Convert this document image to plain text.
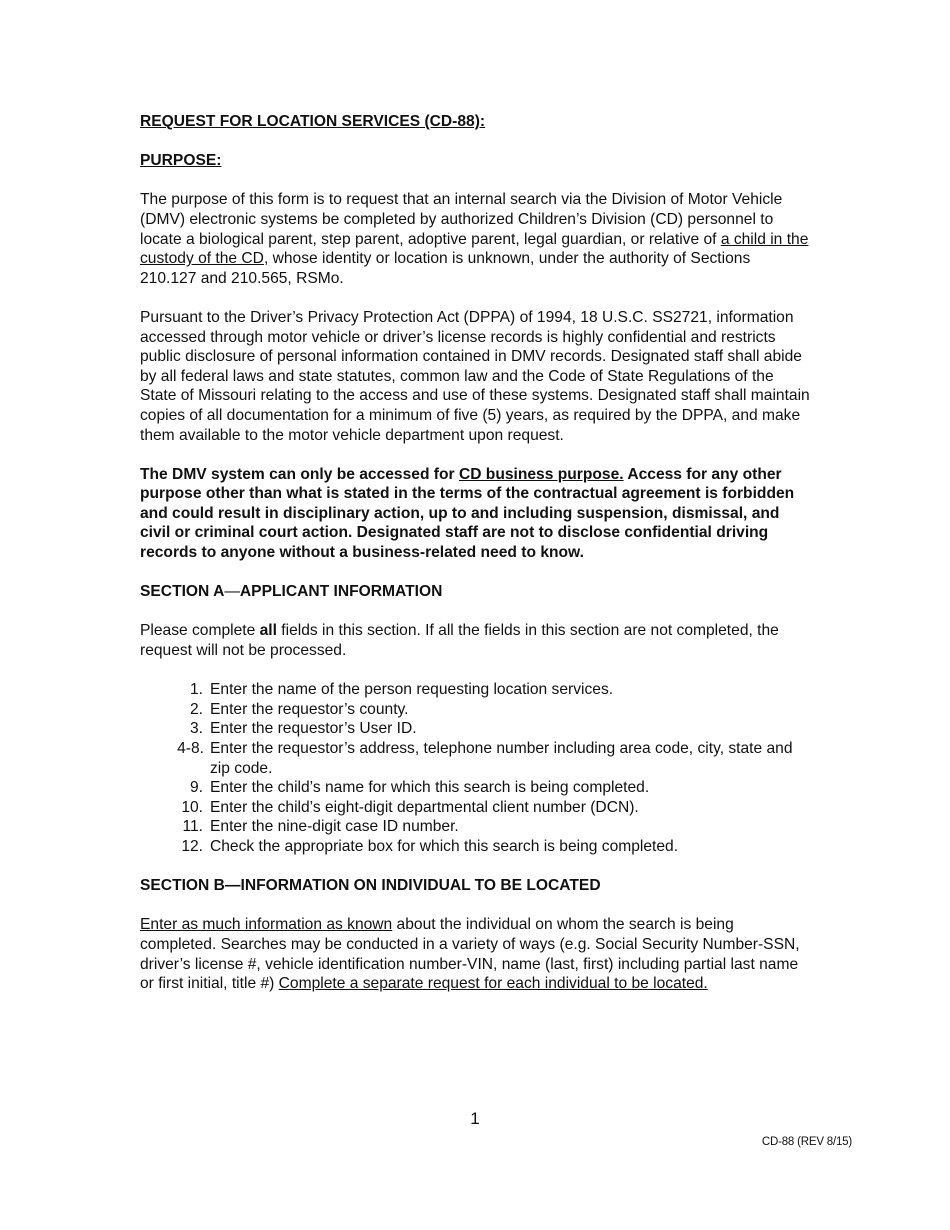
REQUEST FOR LOCATION SERVICES (CD-88):

PURPOSE:

The purpose of this form is to request that an internal search via the Division of Motor Vehicle (DMV) electronic systems be completed by authorized Children’s Division (CD) personnel to locate a biological parent, step parent, adoptive parent, legal guardian, or relative of a child in the custody of the CD, whose identity or location is unknown, under the authority of Sections 210.127 and 210.565, RSMo.

Pursuant to the Driver’s Privacy Protection Act (DPPA) of 1994, 18 U.S.C. SS2721, information accessed through motor vehicle or driver’s license records is highly confidential and restricts public disclosure of personal information contained in DMV records. Designated staff shall abide by all federal laws and state statutes, common law and the Code of State Regulations of the State of Missouri relating to the access and use of these systems. Designated staff shall maintain copies of all documentation for a minimum of five (5) years, as required by the DPPA, and make them available to the motor vehicle department upon request.

The DMV system can only be accessed for CD business purpose. Access for any other purpose other than what is stated in the terms of the contractual agreement is forbidden and could result in disciplinary action, up to and including suspension, dismissal, and civil or criminal court action. Designated staff are not to disclose confidential driving records to anyone without a business-related need to know.

SECTION A—APPLICANT INFORMATION

Please complete all fields in this section. If all the fields in this section are not completed, the request will not be processed.

1. Enter the name of the person requesting location services.
2. Enter the requestor’s county.
3. Enter the requestor’s User ID.
4-8. Enter the requestor’s address, telephone number including area code, city, state and zip code.
9. Enter the child’s name for which this search is being completed.
10. Enter the child’s eight-digit departmental client number (DCN).
11. Enter the nine-digit case ID number.
12. Check the appropriate box for which this search is being completed.

SECTION B—INFORMATION ON INDIVIDUAL TO BE LOCATED

Enter as much information as known about the individual on whom the search is being completed. Searches may be conducted in a variety of ways (e.g. Social Security Number-SSN, driver’s license #, vehicle identification number-VIN, name (last, first) including partial last name or first initial, title #) Complete a separate request for each individual to be located.

1
CD-88 (REV 8/15)
